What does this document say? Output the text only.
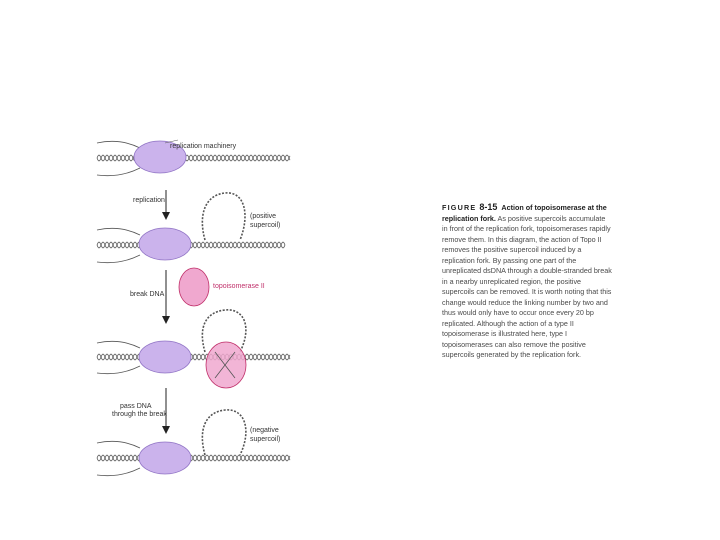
replication machinery
replication
(positive
supercoil)
topoisomerase II
break DNA
pass DNA
through the break
(negative
supercoil)
FIGURE 8-15 Action of topoisomerase at the replication fork. As positive supercoils accumulate in front of the replication fork, topoisomerases rapidly remove them. In this diagram, the action of Topo II removes the positive supercoil induced by a replication fork. By passing one part of the unreplicated dsDNA through a double-stranded break in a nearby unreplicated region, the positive supercoils can be removed. It is worth noting that this change would reduce the linking number by two and thus would only have to occur once every 20 bp replicated. Although the action of a type II topoisomerase is illustrated here, type I topoisomerases can also remove the positive supercoils generated by the replication fork.
